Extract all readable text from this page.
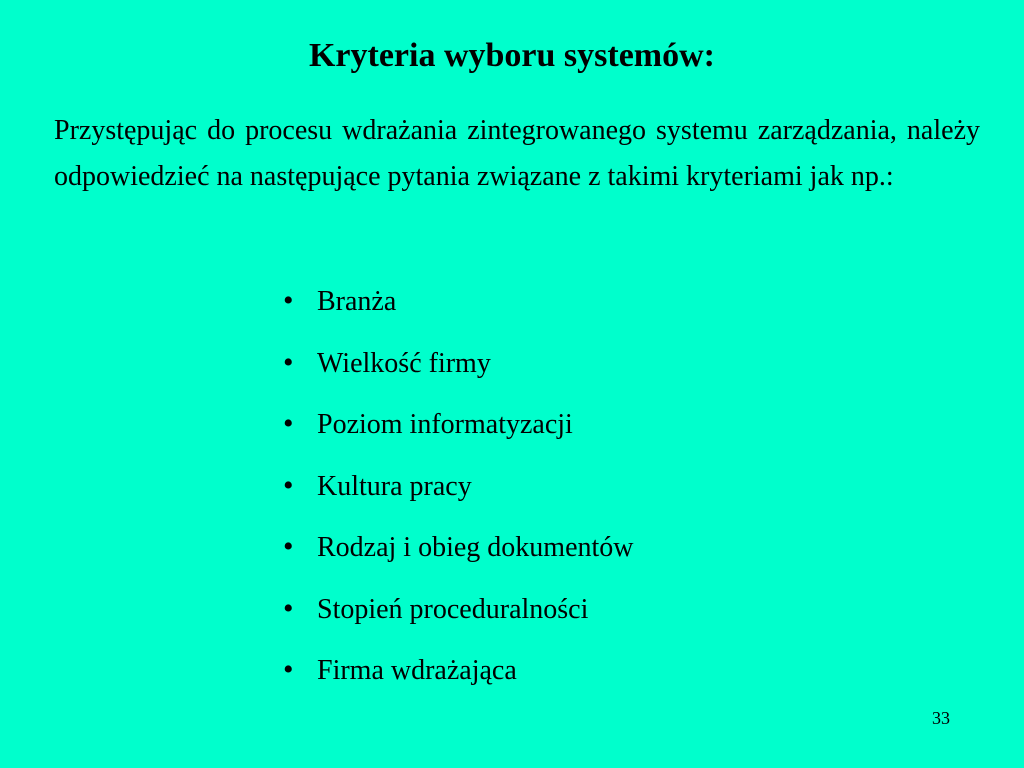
Kryteria wyboru systemów:

Przystępując do procesu wdrażania zintegrowanego systemu zarządzania, należy odpowiedzieć na następujące pytania związane z takimi kryteriami jak np.:

• Branża
• Wielkość firmy
• Poziom informatyzacji
• Kultura pracy
• Rodzaj i obieg dokumentów
• Stopień proceduralności
• Firma wdrażająca
33
